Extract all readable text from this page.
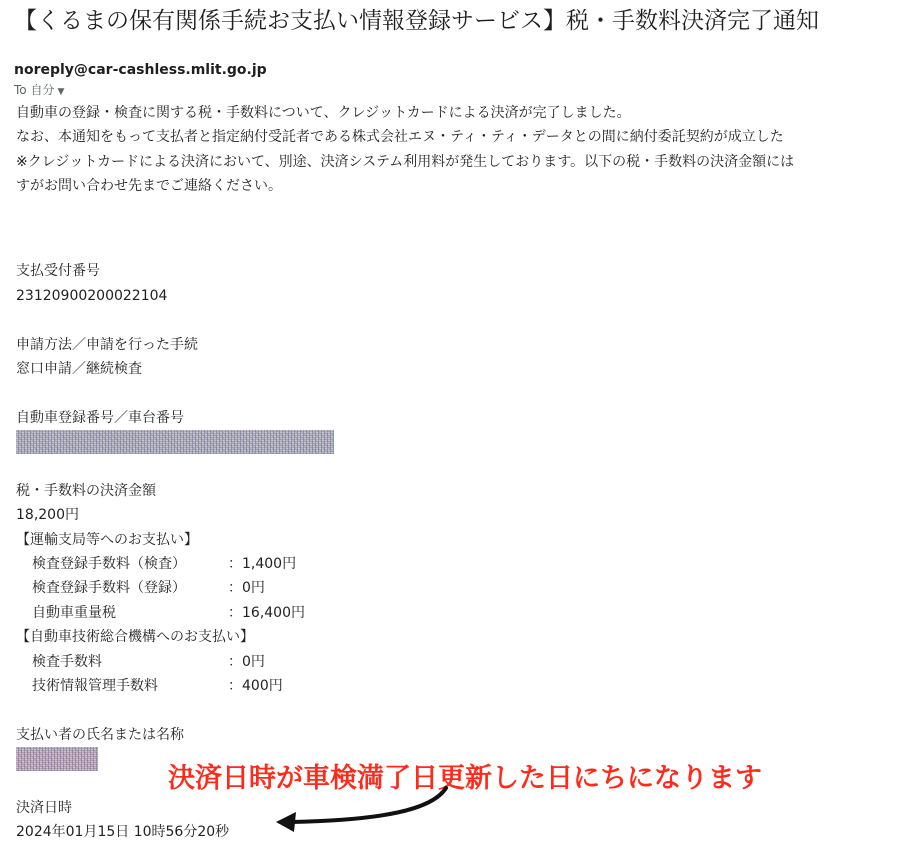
【くるまの保有関係手続お支払い情報登録サービス】税・手数料決済完了通知
noreply@car-cashless.mlit.go.jp
To 自分 ▼
自動車の登録・検査に関する税・手数料について、クレジットカードによる決済が完了しました。
なお、本通知をもって支払者と指定納付受託者である株式会社エヌ・ティ・ティ・データとの間に納付委託契約が成立した
※クレジットカードによる決済において、別途、決済システム利用料が発生しております。以下の税・手数料の決済金額には
すがお問い合わせ先までご連絡ください。
支払受付番号
23120900200022104
申請方法／申請を行った手続
窓口申請／継続検査
自動車登録番号／車台番号
税・手数料の決済金額
18,200円
【運輸支局等へのお支払い】
検査登録手数料（検査）	：1,400円
検査登録手数料（登録）	：0円
自動車重量税	：16,400円
【自動車技術総合機構へのお支払い】
検査手数料	：0円
技術情報管理手数料	：400円
支払い者の氏名または名称
決済日時
2024年01月15日 10時56分20秒
決済日時が車検満了日更新した日にちになります
